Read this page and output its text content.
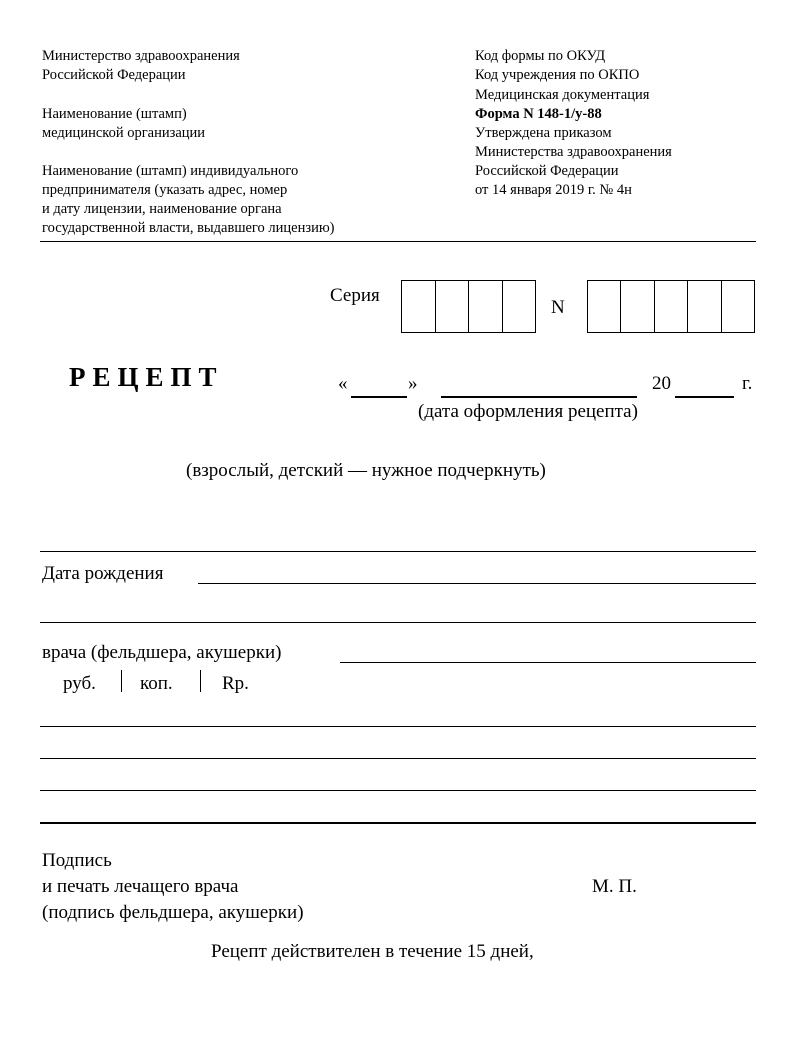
Министерство здравоохранения
Российской Федерации
Наименование (штамп)
медицинской организации
Наименование (штамп) индивидуального
предпринимателя (указать адрес, номер
и дату лицензии, наименование органа
государственной власти, выдавшего лицензию)
Код формы по ОКУД
Код учреждения по ОКПО
Медицинская документация
Форма N 148-1/у-88
Утверждена приказом
Министерства здравоохранения
Российской Федерации
от 14 января 2019 г. № 4н
Серия
N
РЕЦЕПТ	«	»	20	г.
(дата оформления рецепта)
(взрослый, детский — нужное подчеркнуть)
Дата рождения
врача (фельдшера, акушерки)
руб. коп.	Rp.
Подпись
и печать лечащего врача
(подпись фельдшера, акушерки)
М. П.
Рецепт действителен в течение 15 дней,
